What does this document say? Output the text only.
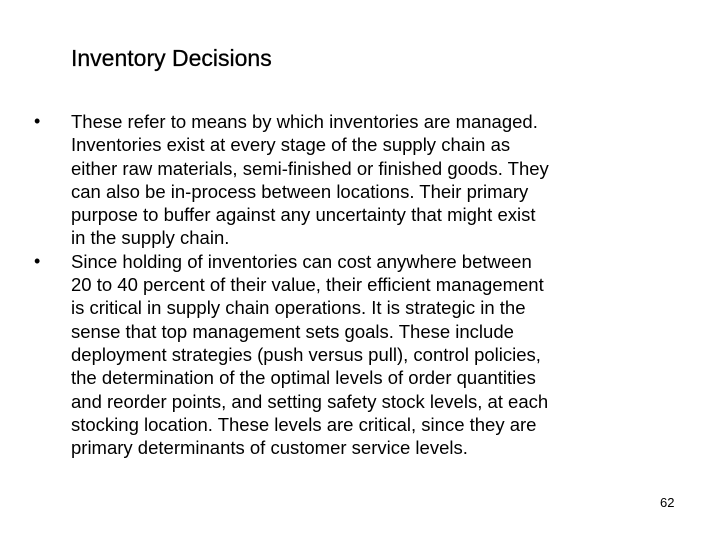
Inventory Decisions
• These refer to means by which inventories are managed.
Inventories exist at every stage of the supply chain as
either raw materials, semi-finished or finished goods. They
can also be in-process between locations. Their primary
purpose to buffer against any uncertainty that might exist
in the supply chain.
• Since holding of inventories can cost anywhere between
20 to 40 percent of their value, their efficient management
is critical in supply chain operations. It is strategic in the
sense that top management sets goals. These include
deployment strategies (push versus pull), control policies,
the determination of the optimal levels of order quantities
and reorder points, and setting safety stock levels, at each
stocking location. These levels are critical, since they are
primary determinants of customer service levels.
62
